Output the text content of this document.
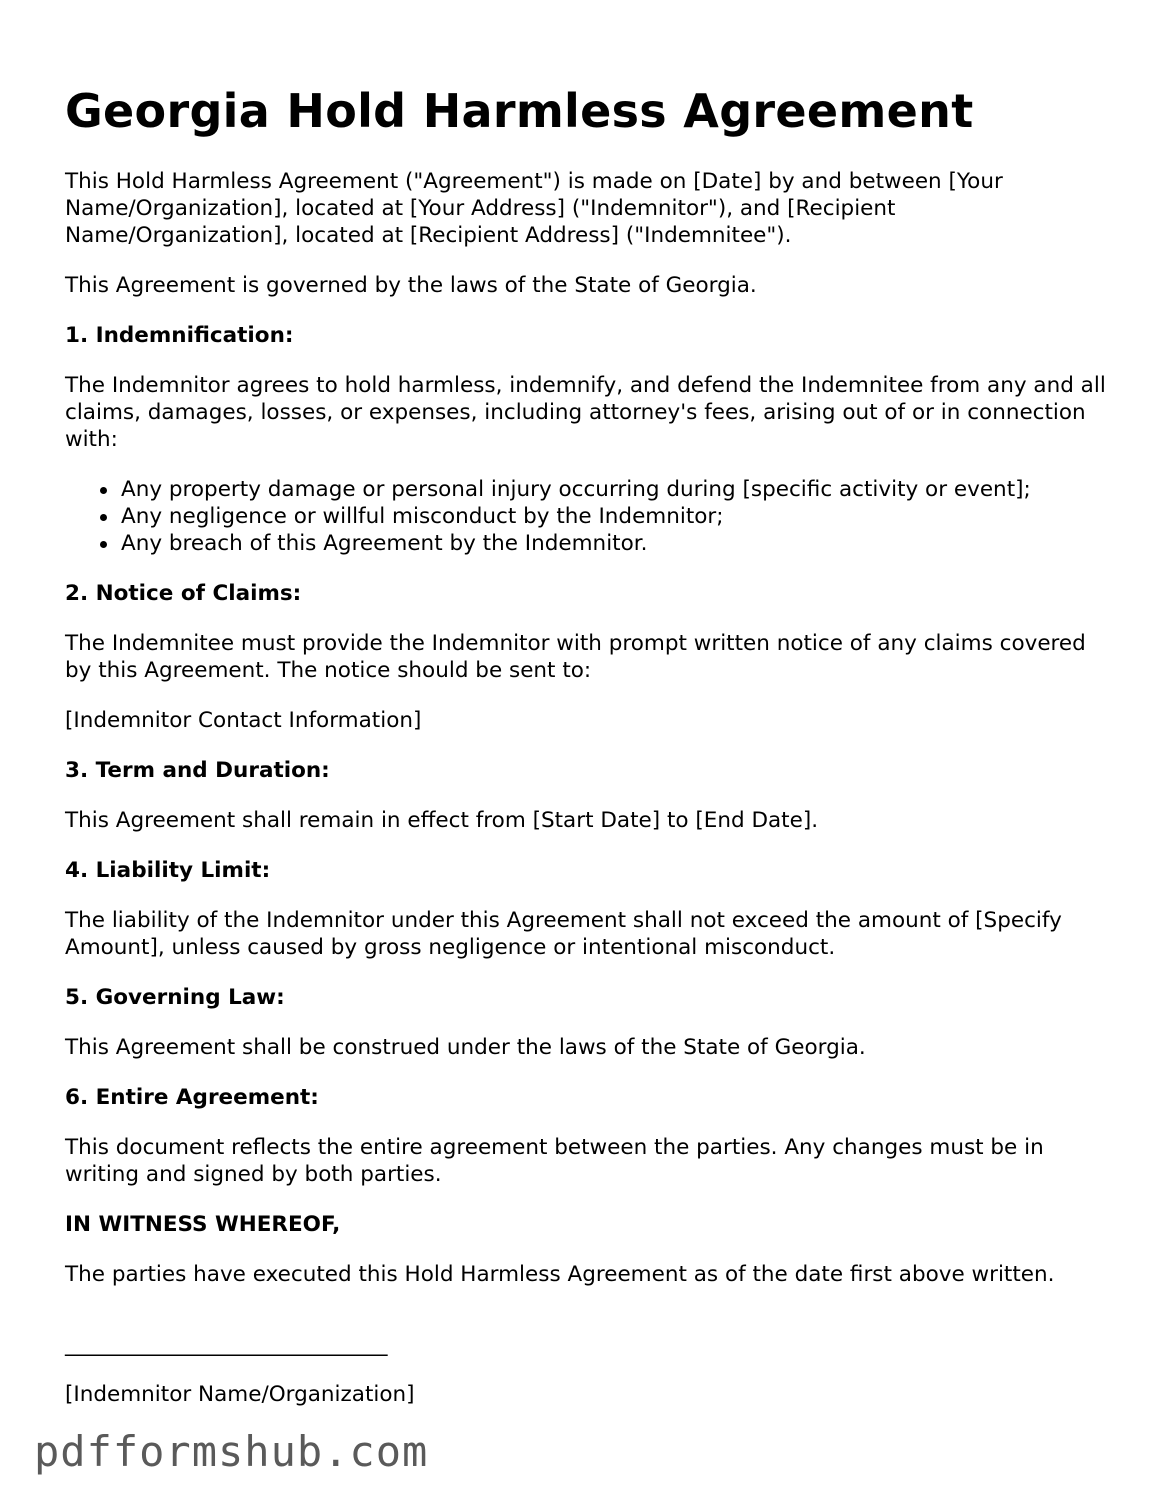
Georgia Hold Harmless Agreement

This Hold Harmless Agreement ("Agreement") is made on [Date] by and between [Your Name/Organization], located at [Your Address] ("Indemnitor"), and [Recipient Name/Organization], located at [Recipient Address] ("Indemnitee").

This Agreement is governed by the laws of the State of Georgia.

1. Indemnification:

The Indemnitor agrees to hold harmless, indemnify, and defend the Indemnitee from any and all claims, damages, losses, or expenses, including attorney's fees, arising out of or in connection with:

Any property damage or personal injury occurring during [specific activity or event];
Any negligence or willful misconduct by the Indemnitor;
Any breach of this Agreement by the Indemnitor.
2. Notice of Claims:

The Indemnitee must provide the Indemnitor with prompt written notice of any claims covered by this Agreement. The notice should be sent to:

[Indemnitor Contact Information]

3. Term and Duration:

This Agreement shall remain in effect from [Start Date] to [End Date].

4. Liability Limit:

The liability of the Indemnitor under this Agreement shall not exceed the amount of [Specify Amount], unless caused by gross negligence or intentional misconduct.

5. Governing Law:

This Agreement shall be construed under the laws of the State of Georgia.

6. Entire Agreement:

This document reflects the entire agreement between the parties. Any changes must be in writing and signed by both parties.

IN WITNESS WHEREOF,

The parties have executed this Hold Harmless Agreement as of the date first above written.

______________________________

[Indemnitor Name/Organization]

pdfformshub.com
